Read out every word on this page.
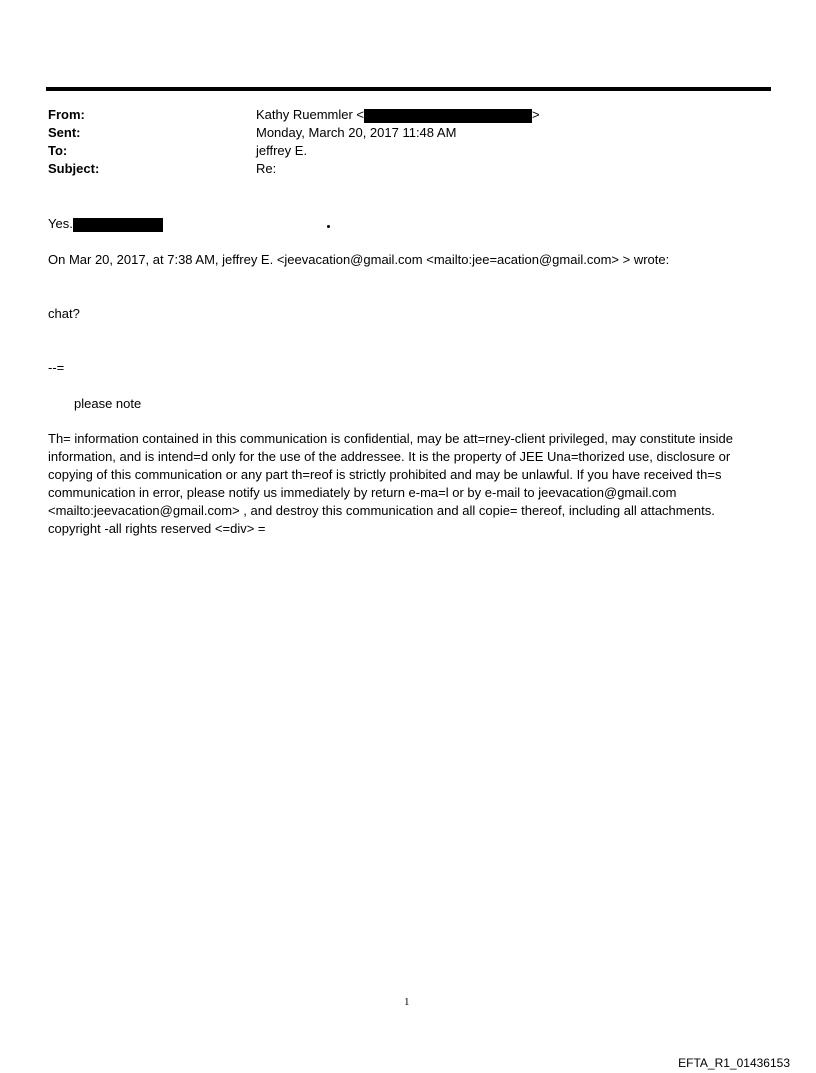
From:
Sent:
To:
Subject:
Kathy Ruemmler <	>
Monday, March 20, 2017 11:48 AM
jeffrey E.
Re:
Yes.
On Mar 20, 2017, at 7:38 AM, jeffrey E. <jeevacation@gmail.com <mailto:jee=acation@gmail.com> > wrote:
chat?
--=
please note
Th= information contained in this communication is confidential, may be att=rney-client privileged, may constitute inside information, and is intend=d only for the use of the addressee. It is the property of JEE Una=thorized use, disclosure or copying of this communication or any part th=reof is strictly prohibited and may be unlawful. If you have received th=s communication in error, please notify us immediately by return e-ma=l or by e-mail to jeevacation@gmail.com <mailto:jeevacation@gmail.com> , and destroy this communication and all copie= thereof, including all attachments. copyright -all rights reserved <=div> =
1
EFTA_R1_01436153
